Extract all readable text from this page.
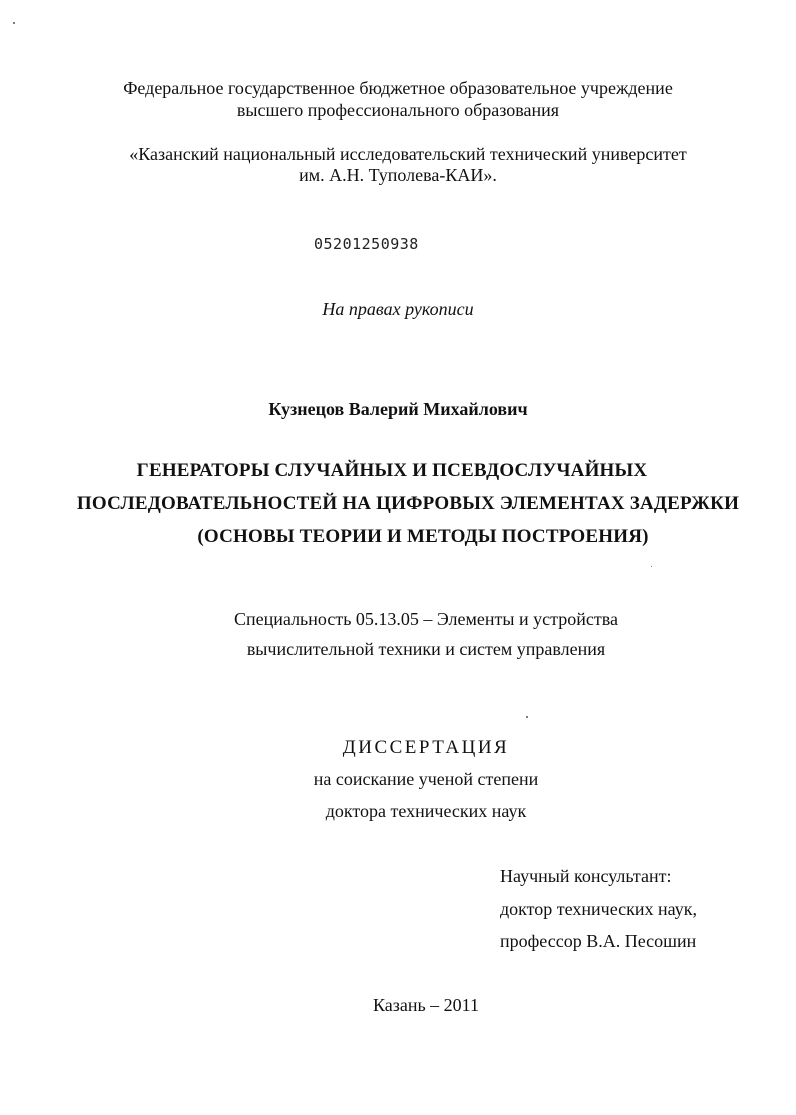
Федеральное государственное бюджетное образовательное учреждение
высшего профессионального образования
«Казанский национальный исследовательский технический университет
им. А.Н. Туполева-КАИ».
05201250938
На правах рукописи
Кузнецов Валерий Михайлович
ГЕНЕРАТОРЫ СЛУЧАЙНЫХ И ПСЕВДОСЛУЧАЙНЫХ
ПОСЛЕДОВАТЕЛЬНОСТЕЙ НА ЦИФРОВЫХ ЭЛЕМЕНТАХ ЗАДЕРЖКИ
(ОСНОВЫ ТЕОРИИ И МЕТОДЫ ПОСТРОЕНИЯ)
Специальность 05.13.05 – Элементы и устройства
вычислительной техники и систем управления
ДИССЕРТАЦИЯ
на соискание ученой степени
доктора технических наук
Научный консультант:
доктор технических наук,
профессор В.А. Песошин
Казань – 2011
